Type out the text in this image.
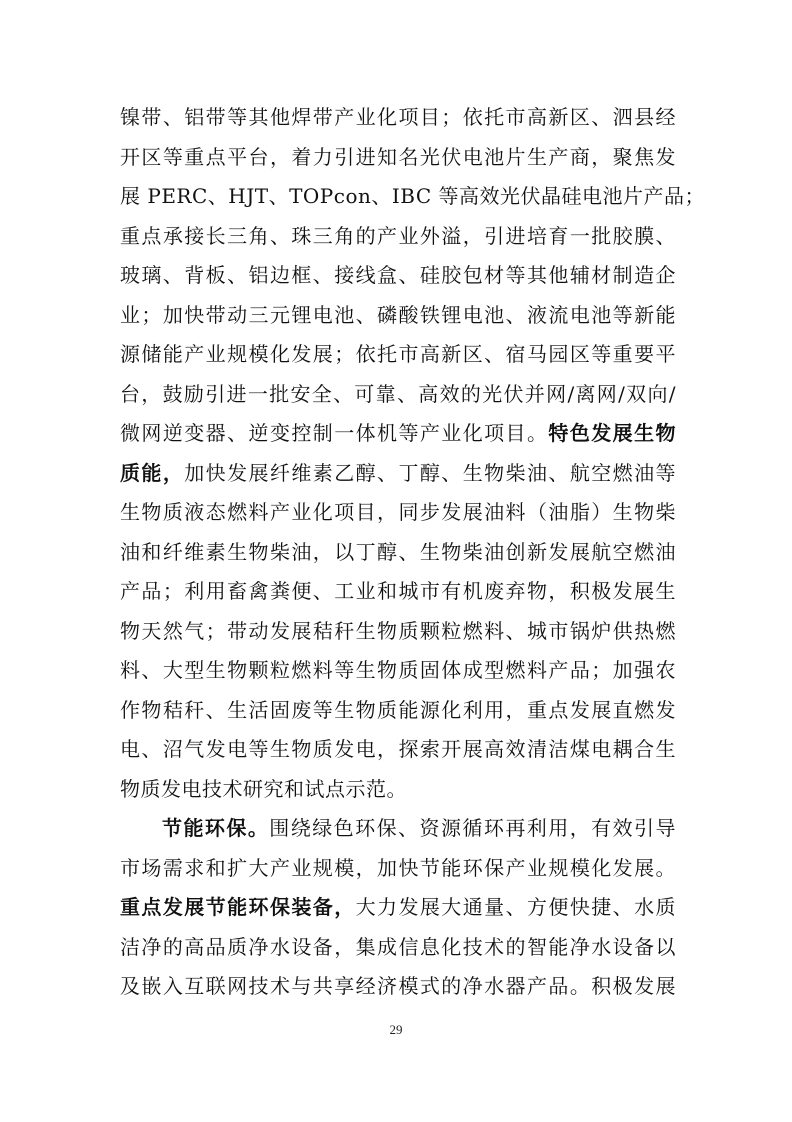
镍带、铝带等其他焊带产业化项目；依托市高新区、泗县经
开区等重点平台，着力引进知名光伏电池片生产商，聚焦发
展 PERC、HJT、TOPcon、IBC 等高效光伏晶硅电池片产品；
重点承接长三角、珠三角的产业外溢，引进培育一批胶膜、
玻璃、背板、铝边框、接线盒、硅胶包材等其他辅材制造企
业；加快带动三元锂电池、磷酸铁锂电池、液流电池等新能
源储能产业规模化发展；依托市高新区、宿马园区等重要平
台，鼓励引进一批安全、可靠、高效的光伏并网/离网/双向/
微网逆变器、逆变控制一体机等产业化项目。特色发展生物
质能，加快发展纤维素乙醇、丁醇、生物柴油、航空燃油等
生物质液态燃料产业化项目，同步发展油料（油脂）生物柴
油和纤维素生物柴油，以丁醇、生物柴油创新发展航空燃油
产品；利用畜禽粪便、工业和城市有机废弃物，积极发展生
物天然气；带动发展秸秆生物质颗粒燃料、城市锅炉供热燃
料、大型生物颗粒燃料等生物质固体成型燃料产品；加强农
作物秸秆、生活固废等生物质能源化利用，重点发展直燃发
电、沼气发电等生物质发电，探索开展高效清洁煤电耦合生
物质发电技术研究和试点示范。
节能环保。围绕绿色环保、资源循环再利用，有效引导
市场需求和扩大产业规模，加快节能环保产业规模化发展。
重点发展节能环保装备，大力发展大通量、方便快捷、水质
洁净的高品质净水设备，集成信息化技术的智能净水设备以
及嵌入互联网技术与共享经济模式的净水器产品。积极发展
29
